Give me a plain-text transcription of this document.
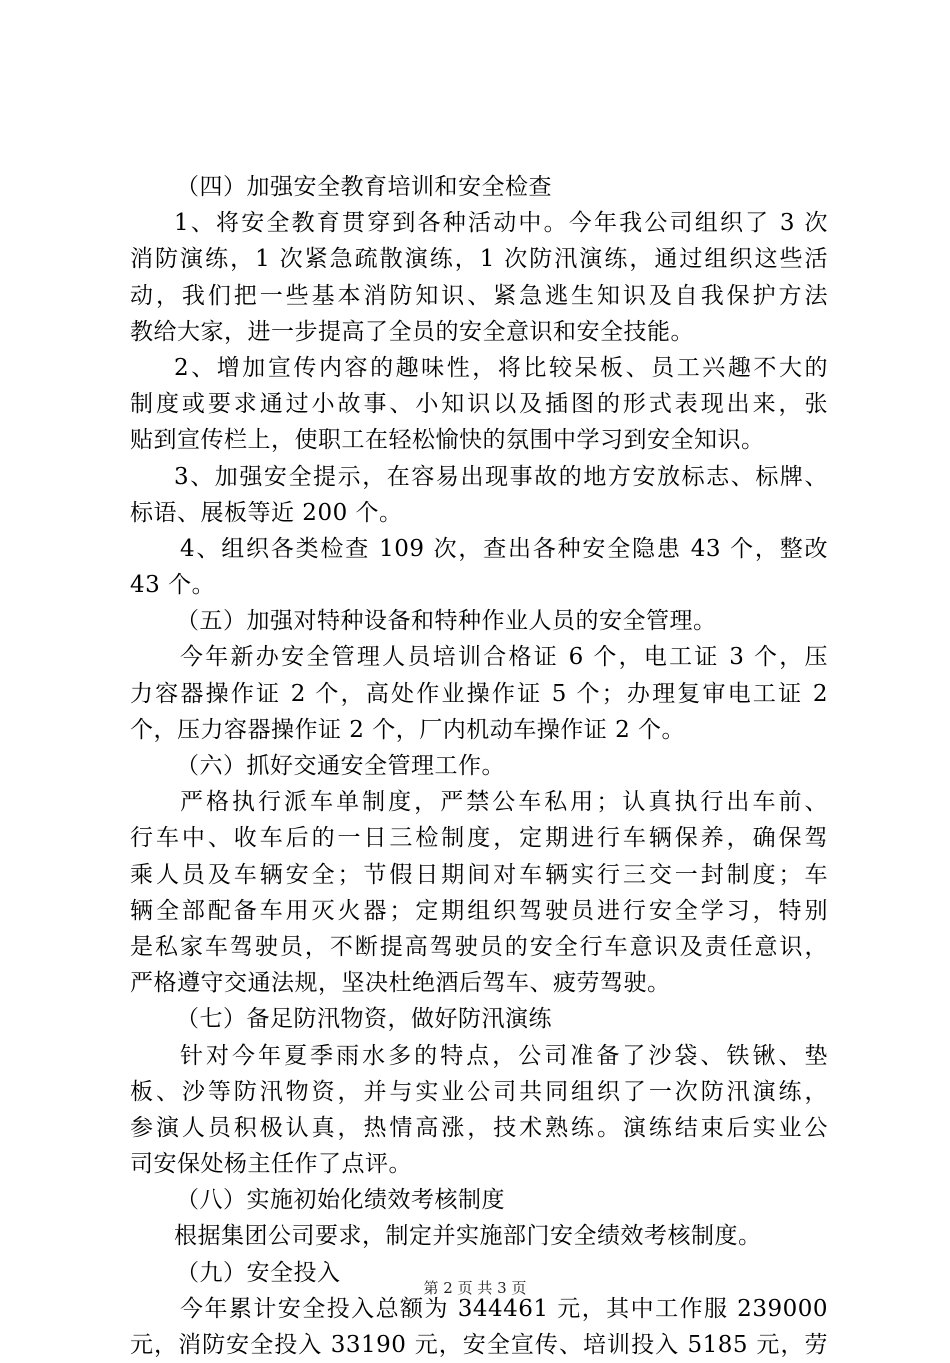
（四）加强安全教育培训和安全检查
1、将安全教育贯穿到各种活动中。今年我公司组织了 3 次
消防演练，1 次紧急疏散演练，1 次防汛演练，通过组织这些活
动，我们把一些基本消防知识、紧急逃生知识及自我保护方法
教给大家，进一步提高了全员的安全意识和安全技能。
2、增加宣传内容的趣味性，将比较呆板、员工兴趣不大的
制度或要求通过小故事、小知识以及插图的形式表现出来，张
贴到宣传栏上，使职工在轻松愉快的氛围中学习到安全知识。
3、加强安全提示，在容易出现事故的地方安放标志、标牌、
标语、展板等近 200 个。
4、组织各类检查 109 次，查出各种安全隐患 43 个，整改
43 个。
（五）加强对特种设备和特种作业人员的安全管理。
今年新办安全管理人员培训合格证 6 个，电工证 3 个，压
力容器操作证 2 个，高处作业操作证 5 个；办理复审电工证 2
个，压力容器操作证 2 个，厂内机动车操作证 2 个。
（六）抓好交通安全管理工作。
严格执行派车单制度，严禁公车私用；认真执行出车前、
行车中、收车后的一日三检制度，定期进行车辆保养，确保驾
乘人员及车辆安全；节假日期间对车辆实行三交一封制度；车
辆全部配备车用灭火器；定期组织驾驶员进行安全学习，特别
是私家车驾驶员，不断提高驾驶员的安全行车意识及责任意识，
严格遵守交通法规，坚决杜绝酒后驾车、疲劳驾驶。
（七）备足防汛物资，做好防汛演练
针对今年夏季雨水多的特点，公司准备了沙袋、铁锹、垫
板、沙等防汛物资，并与实业公司共同组织了一次防汛演练，
参演人员积极认真，热情高涨，技术熟练。演练结束后实业公
司安保处杨主任作了点评。
（八）实施初始化绩效考核制度
根据集团公司要求，制定并实施部门安全绩效考核制度。
（九）安全投入
今年累计安全投入总额为 344461 元，其中工作服 239000
元，消防安全投入 33190 元，安全宣传、培训投入 5185 元，劳
第 2 页 共 3 页
